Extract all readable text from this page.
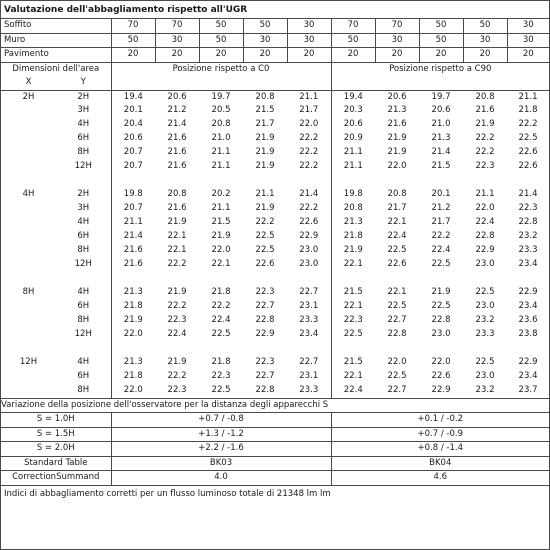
Valutazione dell'abbagliamento rispetto all'UGR
Soffito		70	70	50	50	30	70	70	50	50	30
Muro		50	30	50	30	30	50	30	50	30	30
Pavimento		20	20	20	20	20	20	20	20	20	20
Dimensioni dell'area		Posizione rispetto a C0					Posizione rispetto a C90				
X	Y										
2H	2H	19.4	20.6	19.7	20.8	21.1	19.4	20.6	19.7	20.8	21.1
	3H	20.1	21.2	20.5	21.5	21.7	20.3	21.3	20.6	21.6	21.8
	4H	20.4	21.4	20.8	21.7	22.0	20.6	21.6	21.0	21.9	22.2
	6H	20.6	21.6	21.0	21.9	22.2	20.9	21.9	21.3	22.2	22.5
	8H	20.7	21.6	21.1	21.9	22.2	21.1	21.9	21.4	22.2	22.6
	12H	20.7	21.6	21.1	21.9	22.2	21.1	22.0	21.5	22.3	22.6

4H	2H	19.8	20.8	20.2	21.1	21.4	19.8	20.8	20.1	21.1	21.4
	3H	20.7	21.6	21.1	21.9	22.2	20.8	21.7	21.2	22.0	22.3
	4H	21.1	21.9	21.5	22.2	22.6	21.3	22.1	21.7	22.4	22.8
	6H	21.4	22.1	21.9	22.5	22.9	21.8	22.4	22.2	22.8	23.2
	8H	21.6	22.1	22.0	22.5	23.0	21.9	22.5	22.4	22.9	23.3
	12H	21.6	22.2	22.1	22.6	23.0	22.1	22.6	22.5	23.0	23.4

8H	4H	21.3	21.9	21.8	22.3	22.7	21.5	22.1	21.9	22.5	22.9
	6H	21.8	22.2	22.2	22.7	23.1	22.1	22.5	22.5	23.0	23.4
	8H	21.9	22.3	22.4	22.8	23.3	22.3	22.7	22.8	23.2	23.6
	12H	22.0	22.4	22.5	22.9	23.4	22.5	22.8	23.0	23.3	23.8

12H	4H	21.3	21.9	21.8	22.3	22.7	21.5	22.0	22.0	22.5	22.9
	6H	21.8	22.2	22.3	22.7	23.1	22.1	22.5	22.6	23.0	23.4
	8H	22.0	22.3	22.5	22.8	23.3	22.4	22.7	22.9	23.2	23.7
Variazione della posizione dell'osservatore per la distanza degli apparecchi S											
S = 1.0H		+0.7 / -0.8					+0.1 / -0.2				
S = 1.5H		+1.3 / -1.2					+0.7 / -0.9				
S = 2.0H		+2.2 / -1.6					+0.8 / -1.4				
Standard Table		BK03					BK04				
CorrectionSummand		4.0					4.6				
Indici di abbagliamento corretti per un flusso luminoso totale di 21348 lm lm
